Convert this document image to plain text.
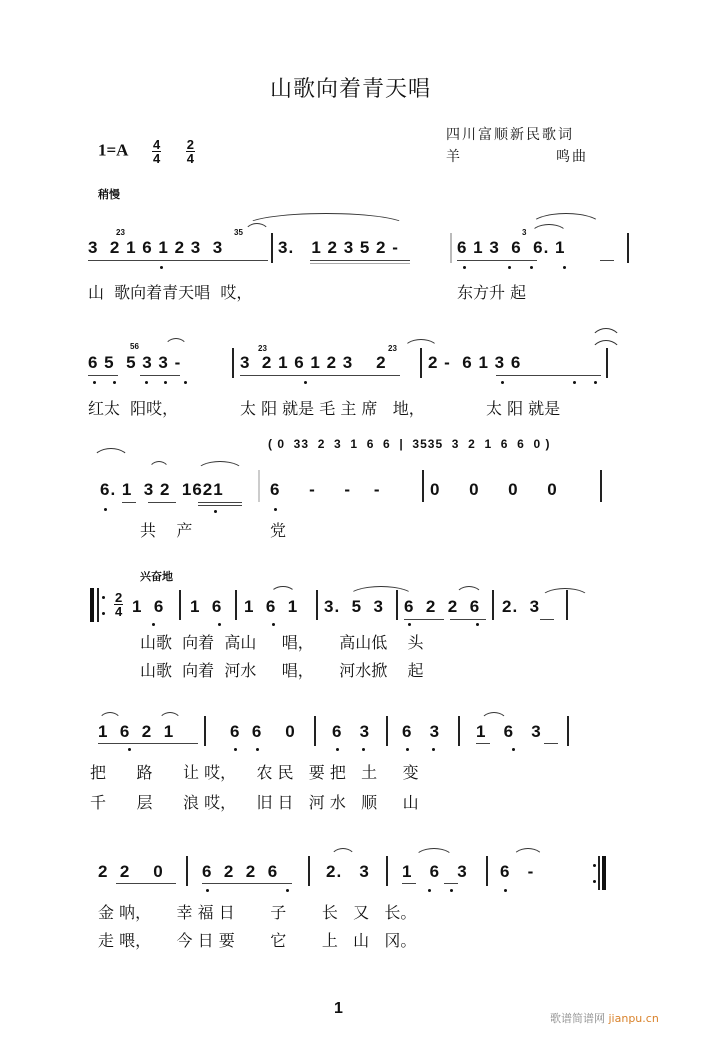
山歌向着青天唱
$1=A \frac{4}{4} \frac{2}{4}$
四川富顺新民歌词
羊	鸣曲
稍慢
23	35	3
3  2 1 6 1 2 3  3	3.   1 2 3 5 2 -	6 1 3  6  6. 1
山  歌向着青天唱  哎，	东方升 起
56	23	23
6 5  5 3 3 -	3  2 1 6 1 2 3    2 2 -  6 1 3 6
红太  阳哎，	太 阳 就是 毛 主 席   地，	太 阳 就是
( 0  33  2  3  1  6  6  |  3535  3  2  1  6  6  0 )
6. 1  3 2  1621	6     -     -    -	0     0     0     0
共    产	党
兴奋地
$\frac{2}{4} 1$  6 1  6 1  6  1 3.  5  3 6  2  2  6 2.  3
山歌  向着  高山     唱，     高山低    头
山歌  向着  河水     唱，     河水掀    起
1  6  2  1	6  6    0 6   3 6   3 1   6   3
把      路      让 哎，    农 民   要 把   土     变
千      层      浪 哎，    旧 日   河 水   顺     山
2  2    0 6  2  2  6	2.   3 1   6   3 6   -
金 呐，     幸 福 日       子       长   又   长。
走 喂，     今 日 要       它       上   山   冈。
1
歌谱简谱网 jianpu.cn
